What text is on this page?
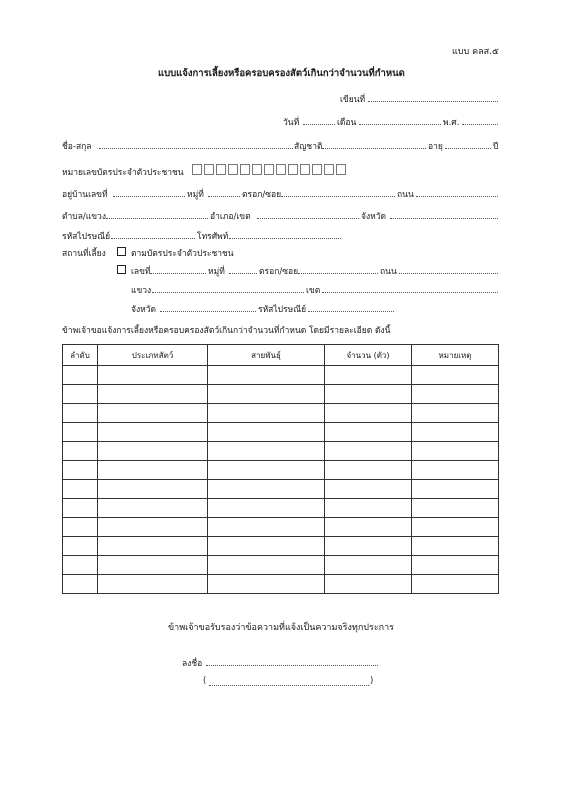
แบบ คลส.๕
แบบแจ้งการเลี้ยงหรือครอบครองสัตว์เกินกว่าจำนวนที่กำหนด
เขียนที่
วันที่	เดือน	พ.ศ.
ชื่อ-สกุล	สัญชาติ	อายุ	ปี
หมายเลขบัตรประจำตัวประชาชน
อยู่บ้านเลขที่	หมู่ที่	ตรอก/ซอย	ถนน
ตำบล/แขวง	อำเภอ/เขต	จังหวัด
รหัสไปรษณีย์	โทรศัพท์
สถานที่เลี้ยง	ตามบัตรประจำตัวประชาชน
เลขที่	หมู่ที่	ตรอก/ซอย	ถนน
แขวง	เขต
จังหวัด	รหัสไปรษณีย์
ข้าพเจ้าขอแจ้งการเลี้ยงหรือครอบครองสัตว์เกินกว่าจำนวนที่กำหนด โดยมีรายละเอียด ดังนี้
ลำดับ	ประเภทสัตว์	สายพันธุ์	จำนวน (ตัว)	หมายเหตุ

ข้าพเจ้าขอรับรองว่าข้อความที่แจ้งเป็นความจริงทุกประการ
ลงชื่อ
(	)
